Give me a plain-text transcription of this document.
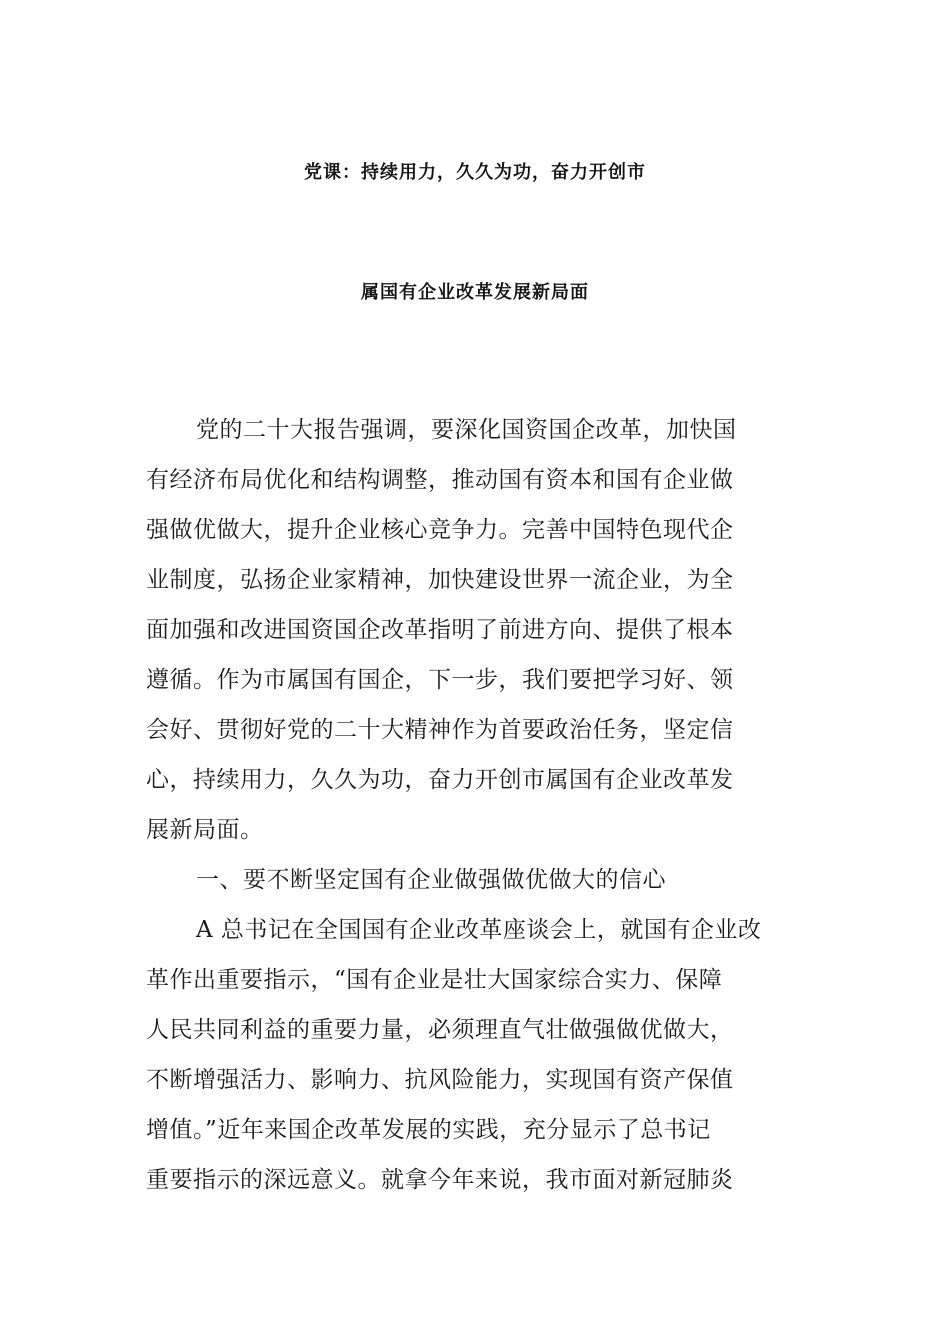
党课：持续用力，久久为功，奋力开创市
属国有企业改革发展新局面
党的二十大报告强调，要深化国资国企改革，加快国
有经济布局优化和结构调整，推动国有资本和国有企业做
强做优做大，提升企业核心竞争力。完善中国特色现代企
业制度，弘扬企业家精神，加快建设世界一流企业，为全
面加强和改进国资国企改革指明了前进方向、提供了根本
遵循。作为市属国有国企，下一步，我们要把学习好、领
会好、贯彻好党的二十大精神作为首要政治任务，坚定信
心，持续用力，久久为功，奋力开创市属国有企业改革发
展新局面。
一、要不断坚定国有企业做强做优做大的信心
A 总书记在全国国有企业改革座谈会上，就国有企业改
革作出重要指示，“国有企业是壮大国家综合实力、保障
人民共同利益的重要力量，必须理直气壮做强做优做大，
不断增强活力、影响力、抗风险能力，实现国有资产保值
增值。”近年来国企改革发展的实践，充分显示了总书记
重要指示的深远意义。就拿今年来说，我市面对新冠肺炎
